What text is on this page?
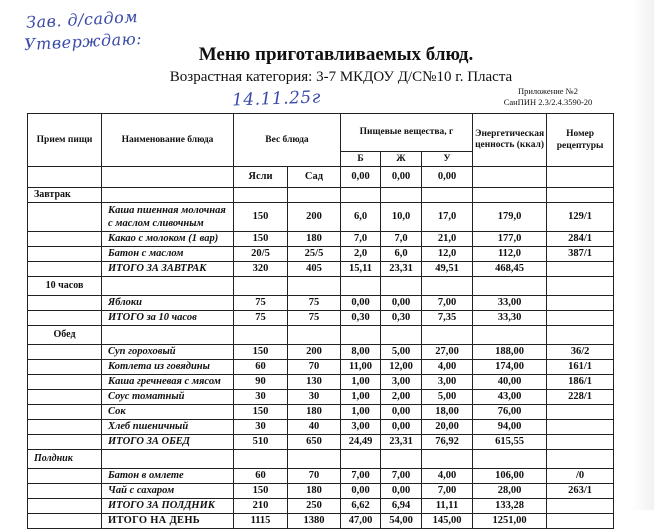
Зав. д/садом
Утверждаю:
Меню приготавливаемых блюд.
Возрастная категория: 3-7 МКДОУ Д/С№10 г. Пласта
14.11.25г	Приложение №2
СанПИН 2.3/2.4.3590-20
Прием пищи	Наименование блюда	Вес блюда		Пищевые вещества, г			Энергетическая ценность (ккал)	Номер рецептуры
				Б	Ж	У		
		Ясли	Сад	0,00	0,00	0,00		
Завтрак								
	Каша пшенная молочная с маслом сливочным	150	200	6,0	10,0	17,0	179,0	129/1
	Какао с молоком (1 вар)	150	180	7,0	7,0	21,0	177,0	284/1
	Батон с маслом	20/5	25/5	2,0	6,0	12,0	112,0	387/1
	ИТОГО ЗА ЗАВТРАК	320	405	15,11	23,31	49,51	468,45	
10 часов								
	Яблоки	75	75	0,00	0,00	7,00	33,00	
	ИТОГО за 10 часов	75	75	0,30	0,30	7,35	33,30	
Обед								
	Суп гороховый	150	200	8,00	5,00	27,00	188,00	36/2
	Котлета из говядины	60	70	11,00	12,00	4,00	174,00	161/1
	Каша гречневая с мясом	90	130	1,00	3,00	3,00	40,00	186/1
	Соус томатный	30	30	1,00	2,00	5,00	43,00	228/1
	Сок	150	180	1,00	0,00	18,00	76,00	
	Хлеб пшеничный	30	40	3,00	0,00	20,00	94,00	
	ИТОГО ЗА ОБЕД	510	650	24,49	23,31	76,92	615,55	
Полдник								
	Батон в омлете	60	70	7,00	7,00	4,00	106,00	/0
	Чай с сахаром	150	180	0,00	0,00	7,00	28,00	263/1
	ИТОГО ЗА ПОЛДНИК	210	250	6,62	6,94	11,11	133,28	
	ИТОГО НА ДЕНЬ	1115	1380	47,00	54,00	145,00	1251,00	
